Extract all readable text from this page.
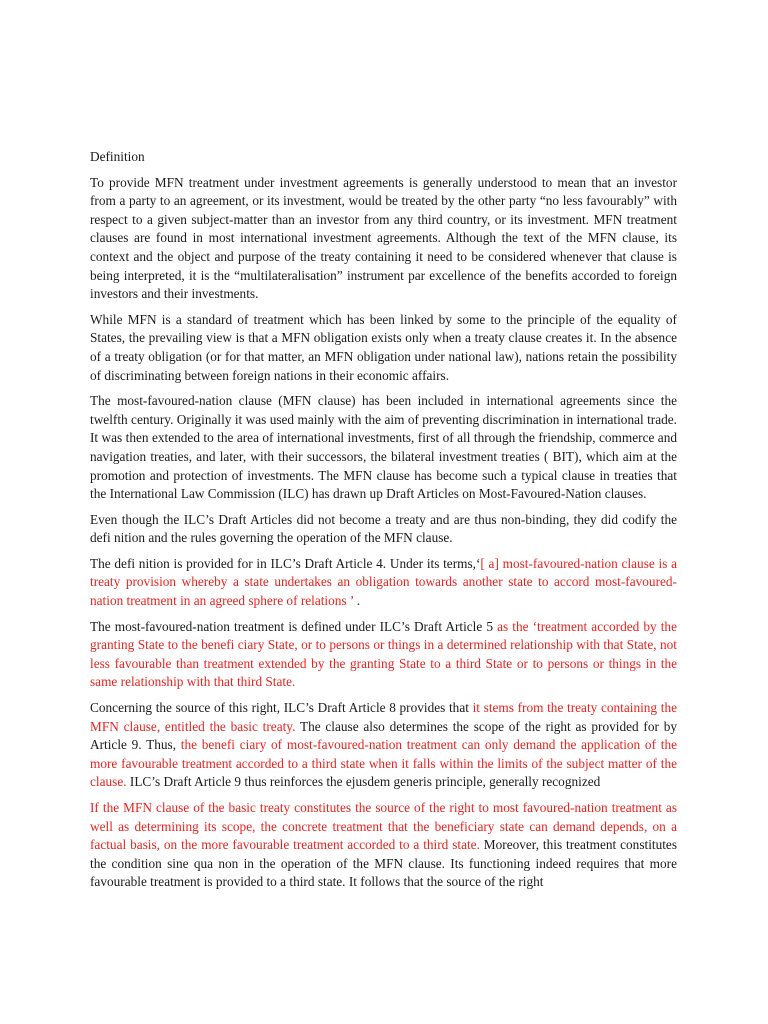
Definition
To provide MFN treatment under investment agreements is generally understood to mean that an investor from a party to an agreement, or its investment, would be treated by the other party “no less favourably” with respect to a given subject-matter than an investor from any third country, or its investment. MFN treatment clauses are found in most international investment agreements. Although the text of the MFN clause, its context and the object and purpose of the treaty containing it need to be considered whenever that clause is being interpreted, it is the “multilateralisation” instrument par excellence of the benefits accorded to foreign investors and their investments.
While MFN is a standard of treatment which has been linked by some to the principle of the equality of States, the prevailing view is that a MFN obligation exists only when a treaty clause creates it. In the absence of a treaty obligation (or for that matter, an MFN obligation under national law), nations retain the possibility of discriminating between foreign nations in their economic affairs.
The most-favoured-nation clause (MFN clause) has been included in international agreements since the twelfth century. Originally it was used mainly with the aim of preventing discrimination in international trade. It was then extended to the area of international investments, first of all through the friendship, commerce and navigation treaties, and later, with their successors, the bilateral investment treaties ( BIT), which aim at the promotion and protection of investments. The MFN clause has become such a typical clause in treaties that the International Law Commission (ILC) has drawn up Draft Articles on Most-Favoured-Nation clauses.
Even though the ILC’s Draft Articles did not become a treaty and are thus non-binding, they did codify the defi nition and the rules governing the operation of the MFN clause.
The defi nition is provided for in ILC’s Draft Article 4. Under its terms,‘[ a] most-favoured-nation clause is a treaty provision whereby a state undertakes an obligation towards another state to accord most-favoured-nation treatment in an agreed sphere of relations ’ .
The most-favoured-nation treatment is defined under ILC’s Draft Article 5 as the ‘treatment accorded by the granting State to the benefi ciary State, or to persons or things in a determined relationship with that State, not less favourable than treatment extended by the granting State to a third State or to persons or things in the same relationship with that third State.
Concerning the source of this right, ILC’s Draft Article 8 provides that it stems from the treaty containing the MFN clause, entitled the basic treaty. The clause also determines the scope of the right as provided for by Article 9. Thus, the benefi ciary of most-favoured-nation treatment can only demand the application of the more favourable treatment accorded to a third state when it falls within the limits of the subject matter of the clause. ILC’s Draft Article 9 thus reinforces the ejusdem generis principle, generally recognized
If the MFN clause of the basic treaty constitutes the source of the right to most favoured-nation treatment as well as determining its scope, the concrete treatment that the beneficiary state can demand depends, on a factual basis, on the more favourable treatment accorded to a third state. Moreover, this treatment constitutes the condition sine qua non in the operation of the MFN clause. Its functioning indeed requires that more favourable treatment is provided to a third state. It follows that the source of the right
